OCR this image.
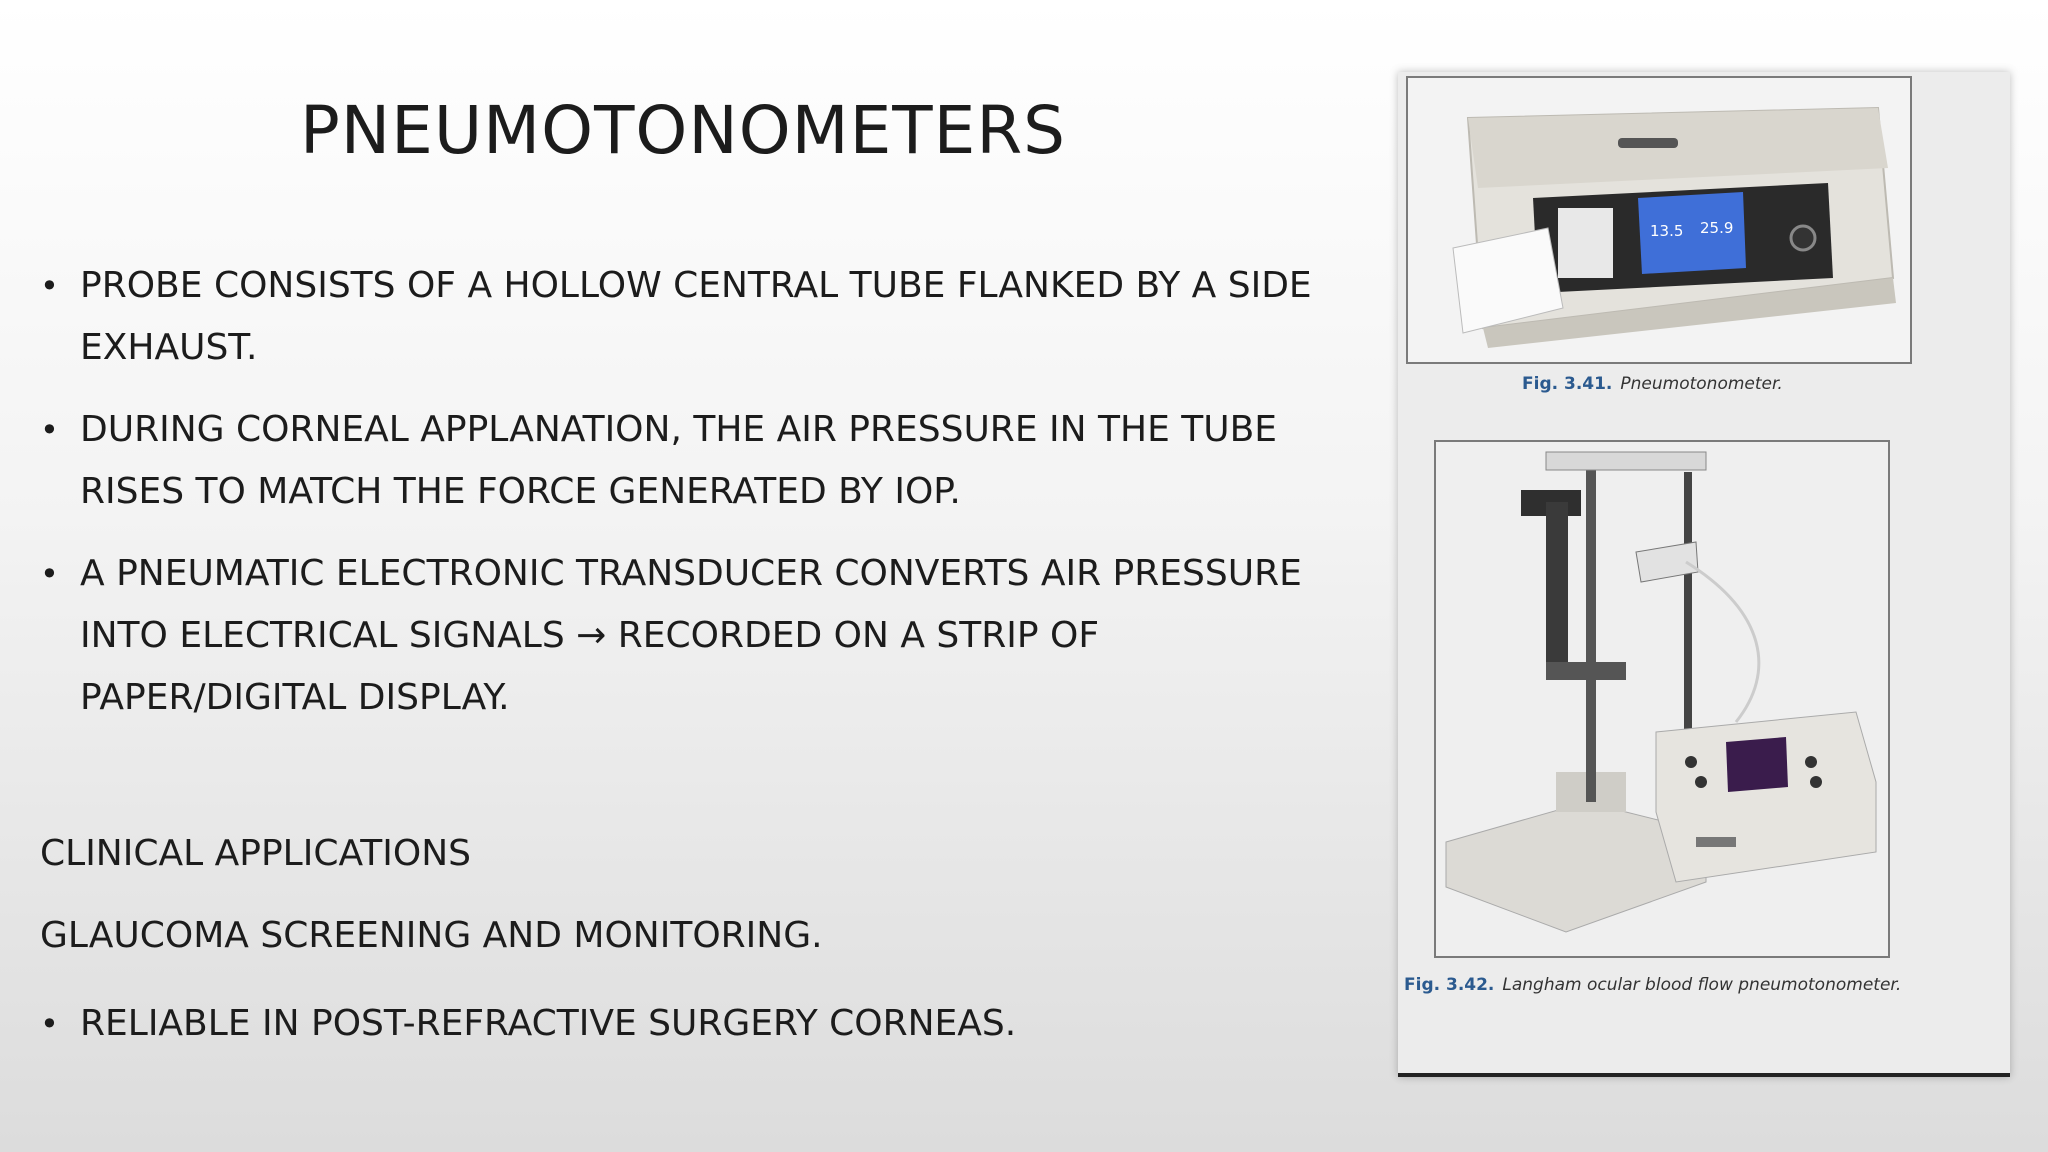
PNEUMOTONOMETERS
• PROBE CONSISTS OF A HOLLOW CENTRAL TUBE FLANKED BY A SIDE EXHAUST.
• DURING CORNEAL APPLANATION, THE AIR PRESSURE IN THE TUBE RISES TO MATCH THE FORCE GENERATED BY IOP.
• A PNEUMATIC ELECTRONIC TRANSDUCER CONVERTS AIR PRESSURE INTO ELECTRICAL SIGNALS → RECORDED ON A STRIP OF PAPER/DIGITAL DISPLAY.
CLINICAL APPLICATIONS
GLAUCOMA SCREENING AND MONITORING.
• RELIABLE IN POST-REFRACTIVE SURGERY CORNEAS.
13.5 25.9
Fig. 3.41. Pneumotonometer.
Fig. 3.42. Langham ocular blood flow pneumotonometer.
